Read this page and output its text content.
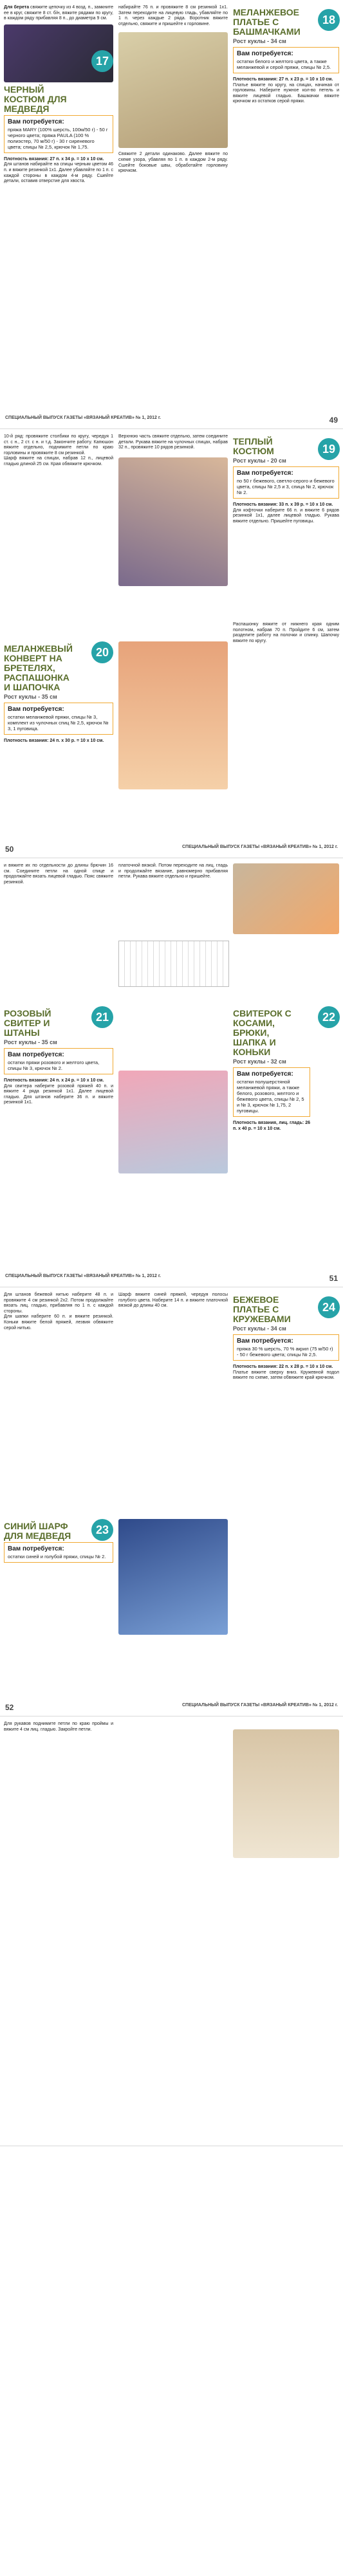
Для берета свяжите цепочку из 4 возд. п., замкните ее в круг, свяжите 8 ст. б/н, вяжите рядами по кругу, в каждом ряду прибавляя 8 п., до диаметра 9 см.

ЧЕРНЫЙ КОСТЮМ ДЛЯ МЕДВЕДЯ
Вам потребуется:
пряжа MARY (100% шерсть, 100м/50 г) - 50 г черного цвета; пряжа PAULA (100 % полиэстер, 70 м/50 г) - 30 г сиреневого цвета; спицы № 2,5, крючок № 1,75.

Плотность вязания: 27 п. x 34 р. = 10 x 10 см.

Для штанов набирайте на спицы черным цветом 46 п. и вяжите резинкой 1x1. Далее убавляйте по 1 п. с каждой стороны в каждом 4-м ряду. Сшейте детали, оставив отверстие для хвоста.

17

набирайте 76 п. и провяжите 8 см резинкой 1x1. Затем переходите на лицевую гладь, убавляйте по 1 п. через каждые 2 ряда. Воротник вяжите отдельно, свяжите и пришейте к горловине.

Свяжите 2 детали одинаково. Далее вяжите по схеме узора, убавляя по 1 п. в каждом 2-м ряду. Сшейте боковые швы, обработайте горловину крючком.

МЕЛАНЖЕВОЕ ПЛАТЬЕ С БАШМАЧКАМИ
Рост куклы - 34 см
Вам потребуется:
остатки белого и желтого цвета, а также меланжевой и серой пряжи, спицы № 2,5.

Плотность вязания: 27 п. x 23 р. = 10 x 10 см.

Платье вяжите по кругу, на спицах, начиная от горловины. Наберите нужное кол-во петель и вяжите лицевой гладью. Башмачки вяжите крючком из остатков серой пряжи.

18
СПЕЦИАЛЬНЫЙ ВЫПУСК ГАЗЕТЫ «ВЯЗАНЫЙ КРЕАТИВ» № 1, 2012 г.	49

10-й ряд: провяжите столбики по кругу, чередуя 1 ст. с н., 2 ст. с н. и т.д. Закончите работу. Капюшон вяжите отдельно, поднимите петли по краю горловины и провяжите 8 см резинкой.

Шарф вяжите на спицах, набрав 12 п., лицевой гладью длиной 25 см. Края обвяжите крючком.

Верхнюю часть свяжите отдельно, затем соедините детали. Рукава вяжите на чулочных спицах, набрав 32 п., провяжите 10 рядов резинкой.

ТЕПЛЫЙ КОСТЮМ
Рост куклы - 20 см
Вам потребуется:
по 50 г бежевого, светло-серого и бежевого цвета, спицы № 2,5 и 3, спица № 2, крючок № 2.

Плотность вязания: 33 п. x 39 р. = 10 x 10 см.

Для кофточки наберите 66 п. и вяжите 6 рядов резинкой 1x1, далее лицевой гладью. Рукава вяжите отдельно. Пришейте пуговицы.

19
МЕЛАНЖЕВЫЙ КОНВЕРТ НА БРЕТЕЛЯХ, РАСПАШОНКА И ШАПОЧКА
Рост куклы - 35 см
Вам потребуется:
остатки меланжевой пряжи, спицы № 3, комплект из чулочных спиц № 2,5, крючок № 3, 1 пуговица.

Плотность вязания: 24 п. x 30 р. = 10 x 10 см.

20

Распашонку вяжите от нижнего края одним полотном, набрав 70 п. Пройдите 6 см, затем разделите работу на полочки и спинку. Шапочку вяжите по кругу.

50	СПЕЦИАЛЬНЫЙ ВЫПУСК ГАЗЕТЫ «ВЯЗАНЫЙ КРЕАТИВ» № 1, 2012 г.

и вяжите их по отдельности до длины брючин 16 см. Соедините петли на одной спице и продолжайте вязать лицевой гладью. Пояс свяжите резинкой.

платочной вязкой. Потом переходите на лиц. гладь и продолжайте вязание, равномерно прибавляя петли. Рукава вяжите отдельно и пришейте.

РОЗОВЫЙ СВИТЕР И ШТАНЫ
Рост куклы - 35 см
Вам потребуется:
остатки пряжи розового и желтого цвета, спицы № 3, крючок № 2.

Плотность вязания: 24 п. x 24 р. = 10 x 10 см.

Для свитера наберите розовой пряжей 40 п. и вяжите 4 ряда резинкой 1x1. Далее лицевой гладью. Для штанов наберите 36 п. и вяжите резинкой 1x1.

21	СВИТЕРОК С КОСАМИ, БРЮКИ, ШАПКА И КОНЬКИ
Рост куклы - 32 см
Вам потребуется:
остатки полушерстяной меланжевой пряжи, а также белого, розового, желтого и бежевого цвета, спицы № 2, 5 и № 3, крючок № 1,75, 2 пуговицы.

Плотность вязания, лиц. гладь: 26 п. x 40 р. = 10 x 10 см.

22
СПЕЦИАЛЬНЫЙ ВЫПУСК ГАЗЕТЫ «ВЯЗАНЫЙ КРЕАТИВ» № 1, 2012 г.	51

Для штанов бежевой нитью наберите 48 п. и провяжите 4 см резинкой 2x2. Потом продолжайте вязать лиц. гладью, прибавляя по 1 п. с каждой стороны.

Для шапки наберите 60 п. и вяжите резинкой. Коньки вяжите белой пряжей, лезвия обвяжите серой нитью.

СИНИЙ ШАРФ ДЛЯ МЕДВЕДЯ
Вам потребуется:
остатки синей и голубой пряжи, спицы № 2.
23

Шарф вяжите синей пряжей, чередуя полосы голубого цвета. Наберите 14 п. и вяжите платочной вязкой до длины 40 см.

БЕЖЕВОЕ ПЛАТЬЕ С КРУЖЕВАМИ
Рост куклы - 34 см
Вам потребуется:
пряжа 30 % шерсть, 70 % акрил (75 м/50 г) - 50 г бежевого цвета; спицы № 2,5.

Плотность вязания: 22 п. x 28 р. = 10 x 10 см.

Платье вяжите сверху вниз. Кружевной подол вяжите по схеме, затем обвяжите край крючком.

24
52	СПЕЦИАЛЬНЫЙ ВЫПУСК ГАЗЕТЫ «ВЯЗАНЫЙ КРЕАТИВ» № 1, 2012 г.

Для рукавов поднимите петли по краю проймы и вяжите 4 см лиц. гладью. Закройте петли.
